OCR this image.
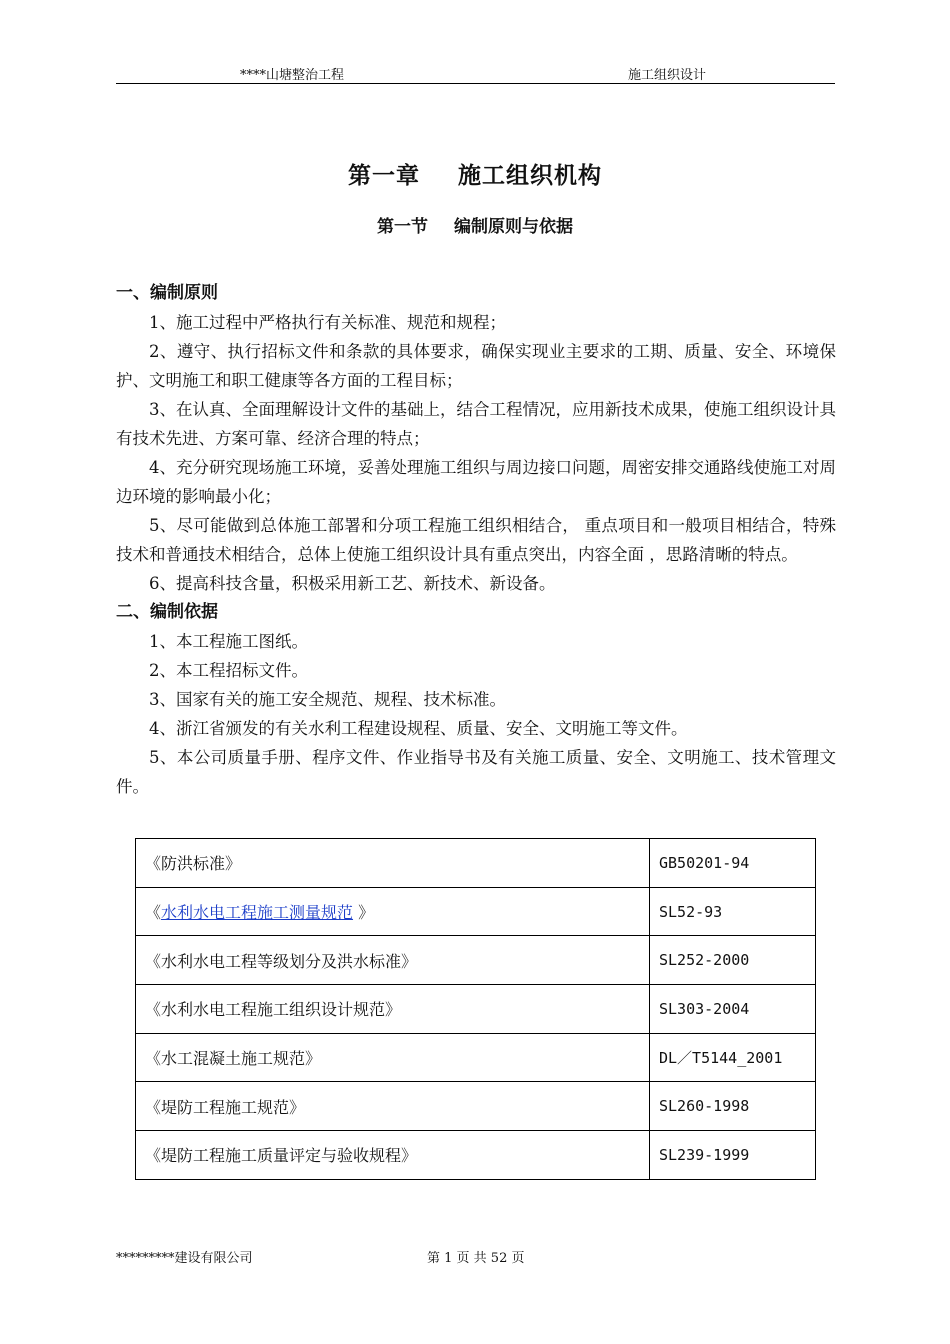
****山塘整治工程	施工组织设计
第一章 施工组织机构
第一节 编制原则与依据
一、编制原则

1、施工过程中严格执行有关标准、规范和规程；

2、遵守、执行招标文件和条款的具体要求，确保实现业主要求的工期、质量、安全、环境保护、文明施工和职工健康等各方面的工程目标；

3、在认真、全面理解设计文件的基础上，结合工程情况，应用新技术成果，使施工组织设计具有技术先进、方案可靠、经济合理的特点；

4、充分研究现场施工环境，妥善处理施工组织与周边接口问题，周密安排交通路线使施工对周边环境的影响最小化；

5、尽可能做到总体施工部署和分项工程施工组织相结合， 重点项目和一般项目相结合，特殊技术和普通技术相结合，总体上使施工组织设计具有重点突出，内容全面 ，思路清晰的特点。

6、提高科技含量，积极采用新工艺、新技术、新设备。

二、编制依据

1、本工程施工图纸。

2、本工程招标文件。

3、国家有关的施工安全规范、规程、技术标准。

4、浙江省颁发的有关水利工程建设规程、质量、安全、文明施工等文件。

5、本公司质量手册、程序文件、作业指导书及有关施工质量、安全、文明施工、技术管理文件。

《防洪标准》	GB50201-94
《水利水电工程施工测量规范 》	SL52-93
《水利水电工程等级划分及洪水标准》	SL252-2000
《水利水电工程施工组织设计规范》	SL303-2004
《水工混凝土施工规范》	DL／T5144_2001
《堤防工程施工规范》	SL260-1998
《堤防工程施工质量评定与验收规程》	SL239-1999
*********建设有限公司	第 1 页 共 52 页
